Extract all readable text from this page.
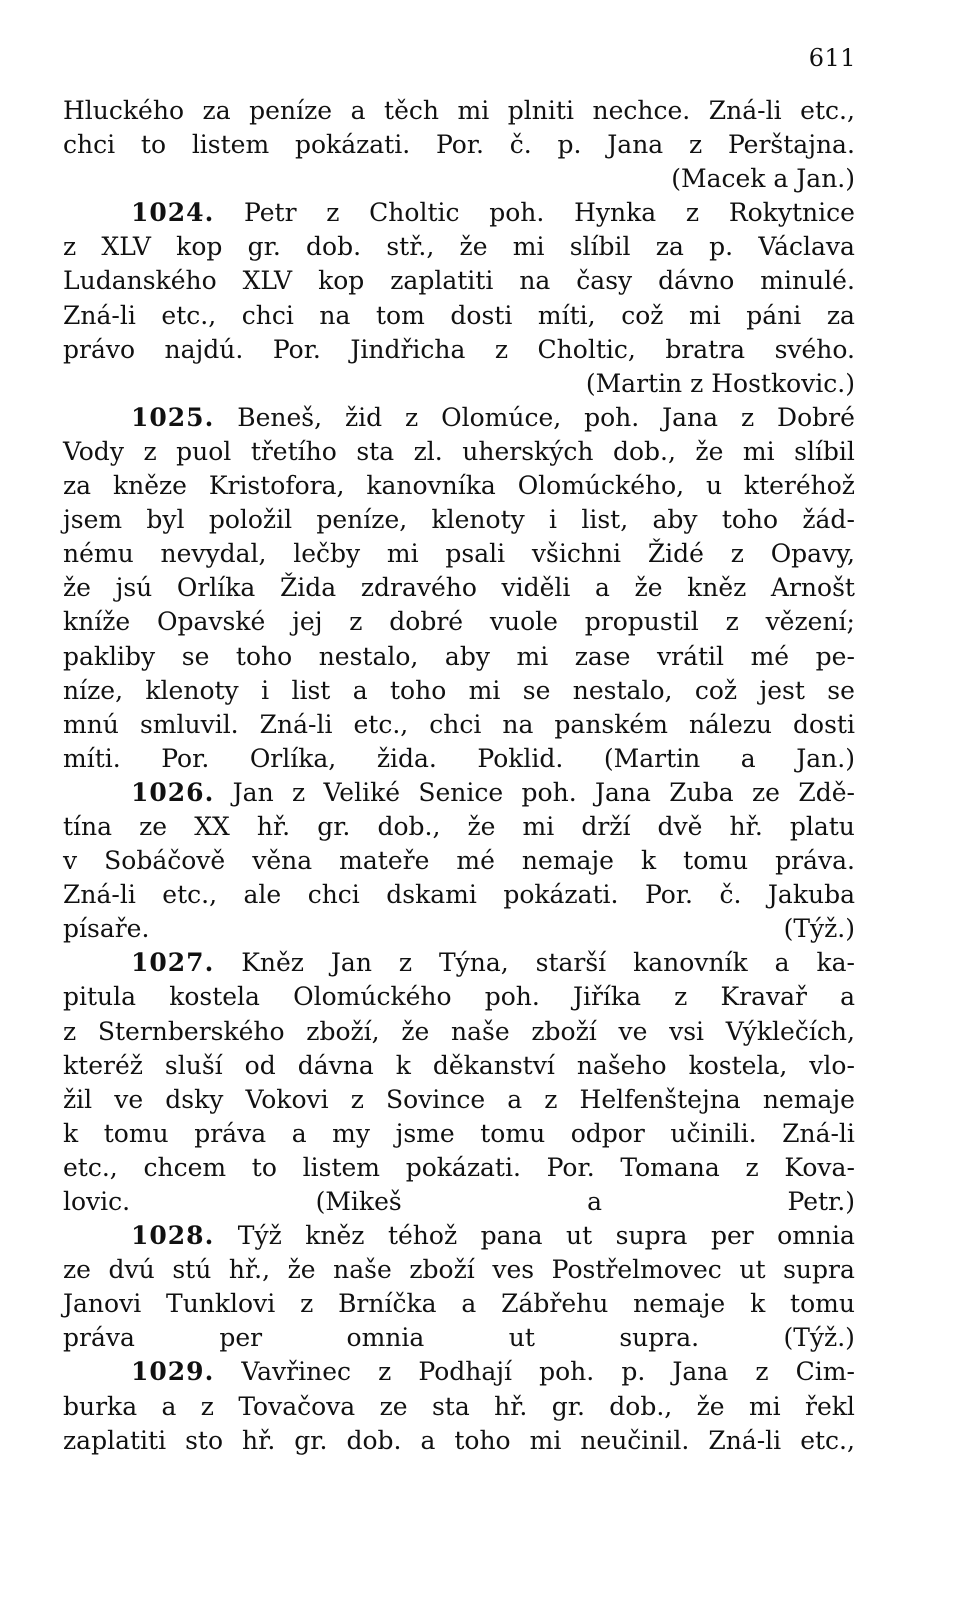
611
Hluckého za peníze a těch mi plniti nechce. Zná-li etc.,
chci to listem pokázati. Por. č. p. Jana z Perštajna.
(Macek
a
Jan.)
1024. Petr z Choltic poh. Hynka z Rokytnice
z XLV kop gr. dob. stř., že mi slíbil za p. Václava
Ludanského XLV kop zaplatiti na časy dávno minulé.
Zná-li etc., chci na tom dosti míti, což mi páni za
právo najdú. Por. Jindřicha z Choltic, bratra svého.
(Martin
z
Hostkovic.)
1025. Beneš, žid z Olomúce, poh. Jana z Dobré
Vody z puol třetího sta zl. uherských dob., že mi slíbil
za kněze Kristofora, kanovníka Olomúckého, u kteréhož
jsem byl položil peníze, klenoty i list, aby toho žád-
nému nevydal, lečby mi psali všichni Židé z Opavy,
že jsú Orlíka Žida zdravého viděli a že kněz Arnošt
kníže Opavské jej z dobré vuole propustil z vězení;
pakliby se toho nestalo, aby mi zase vrátil mé pe-
níze, klenoty i list a toho mi se nestalo, což jest se
mnú smluvil. Zná-li etc., chci na panském nálezu dosti
míti. Por. Orlíka, žida. Poklid. (Martin a Jan.)
1026. Jan z Veliké Senice poh. Jana Zuba ze Zdě-
tína ze XX hř. gr. dob., že mi drží dvě hř. platu
v Sobáčově věna mateře mé nemaje k tomu práva.
Zná-li etc., ale chci dskami pokázati. Por. č. Jakuba
písaře.	(Týž.)
1027. Kněz Jan z Týna, starší kanovník a ka-
pitula kostela Olomúckého poh. Jiříka z Kravař a
z Sternberského zboží, že naše zboží ve vsi Výklečích,
kteréž sluší od dávna k děkanství našeho kostela, vlo-
žil ve dsky Vokovi z Sovince a z Helfenštejna nemaje
k tomu práva a my jsme tomu odpor učinili. Zná-li
etc., chcem to listem pokázati. Por. Tomana z Kova-
lovic.	(Mikeš	a	Petr.)
1028. Týž kněz téhož pana ut supra per omnia
ze dvú stú hř., že naše zboží ves Postřelmovec ut supra
Janovi Tunklovi z Brníčka a Zábřehu nemaje k tomu
práva	per	omnia	ut	supra.	(Týž.)
1029. Vavřinec z Podhají poh. p. Jana z Cim-
burka a z Tovačova ze sta hř. gr. dob., že mi řekl
zaplatiti sto hř. gr. dob. a toho mi neučinil. Zná-li etc.,
